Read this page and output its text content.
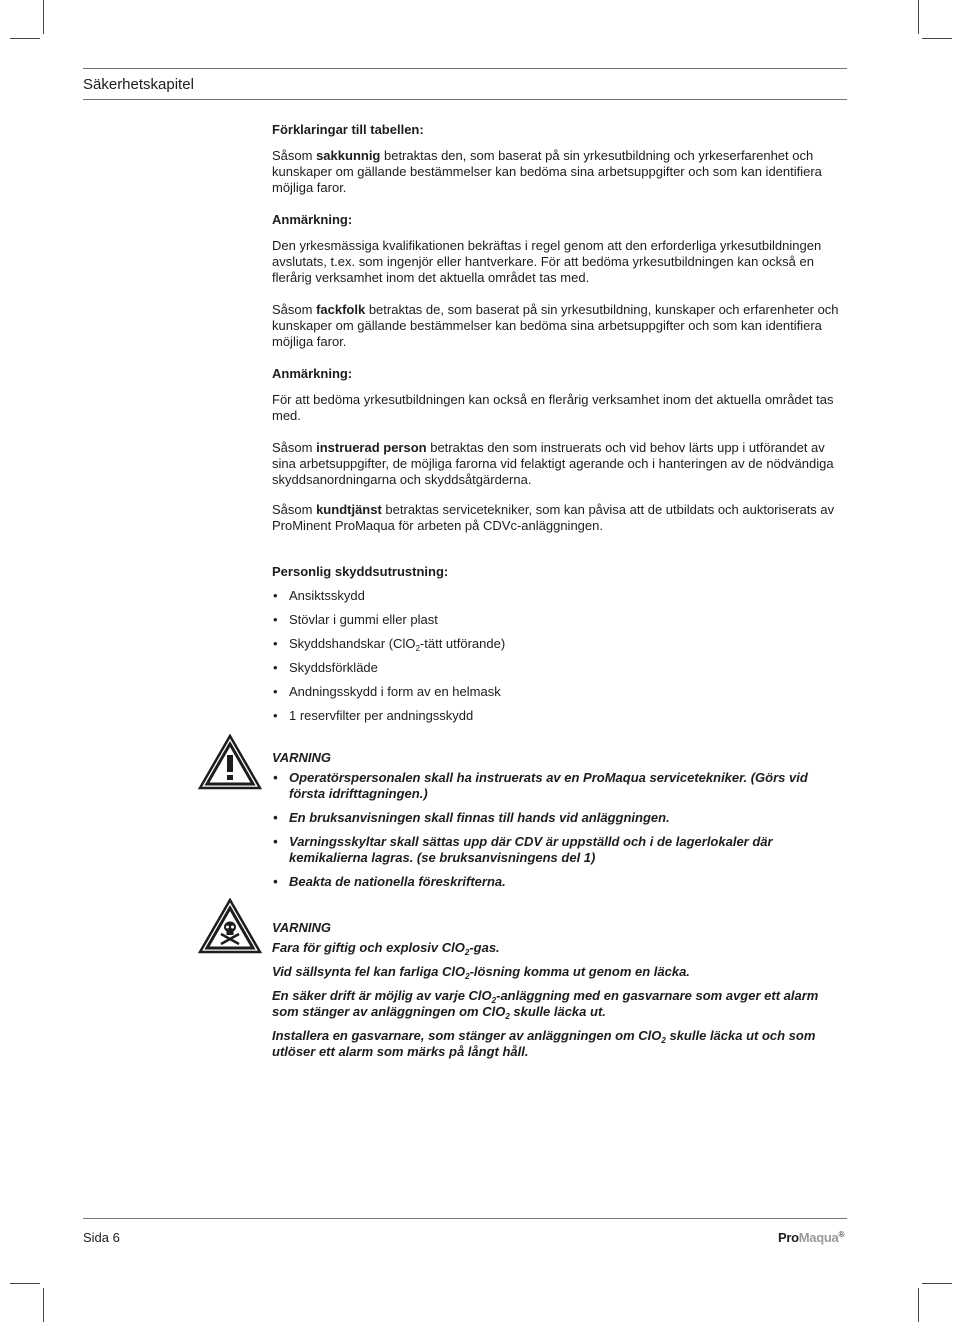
Säkerhetskapitel

Förklaringar till tabellen:

Såsom sakkunnig betraktas den, som baserat på sin yrkesutbildning och yrkeserfarenhet och kunskaper om gällande bestämmelser kan bedöma sina arbetsuppgifter och som kan identifiera möjliga faror.

Anmärkning:

Den yrkesmässiga kvalifikationen bekräftas i regel genom att den erforderliga yrkesutbildningen avslutats, t.ex. som ingenjör eller hantverkare. För att bedöma yrkesutbildningen kan också en flerårig verksamhet inom det aktuella området tas med.

Såsom fackfolk betraktas de, som baserat på sin yrkesutbildning, kunskaper och erfarenheter och kunskaper om gällande bestämmelser kan bedöma sina arbetsuppgifter och som kan identifiera möjliga faror.

Anmärkning:

För att bedöma yrkesutbildningen kan också en flerårig verksamhet inom det aktuella området tas med.

Såsom instruerad person betraktas den som instruerats och vid behov lärts upp i utförandet av sina arbetsuppgifter, de möjliga farorna vid felaktigt agerande och i hanteringen av de nödvändiga skyddsanordningarna och skyddsåtgärderna.

Såsom kundtjänst betraktas servicetekniker, som kan påvisa att de utbildats och auktoriserats av ProMinent ProMaqua för arbeten på CDVc-anläggningen.

Personlig skyddsutrustning:

• Ansiktsskydd
• Stövlar i gummi eller plast
• Skyddshandskar (ClO$_2$-tätt utförande)
• Skyddsförkläde
• Andningsskydd i form av en helmask
• 1 reservfilter per andningsskydd

VARNING

• Operatörspersonalen skall ha instruerats av en ProMaqua servicetekniker. (Görs vid första idrifttagningen.)
• En bruksanvisningen skall finnas till hands vid anläggningen.
• Varningsskyltar skall sättas upp där CDV är uppställd och i de lagerlokaler där kemikalierna lagras. (se bruksanvisningens del 1)
• Beakta de nationella föreskrifterna.

VARNING

Fara för giftig och explosiv ClO$_2$-gas.

Vid sällsynta fel kan farliga ClO$_2$-lösning komma ut genom en läcka.

En säker drift är möjlig av varje ClO$_2$-anläggning med en gasvarnare som avger ett alarm som stänger av anläggningen om ClO$_2$ skulle läcka ut.

Installera en gasvarnare, som stänger av anläggningen om ClO$_2$ skulle läcka ut och som utlöser ett alarm som märks på långt håll.

Sida 6	ProMaqua®
